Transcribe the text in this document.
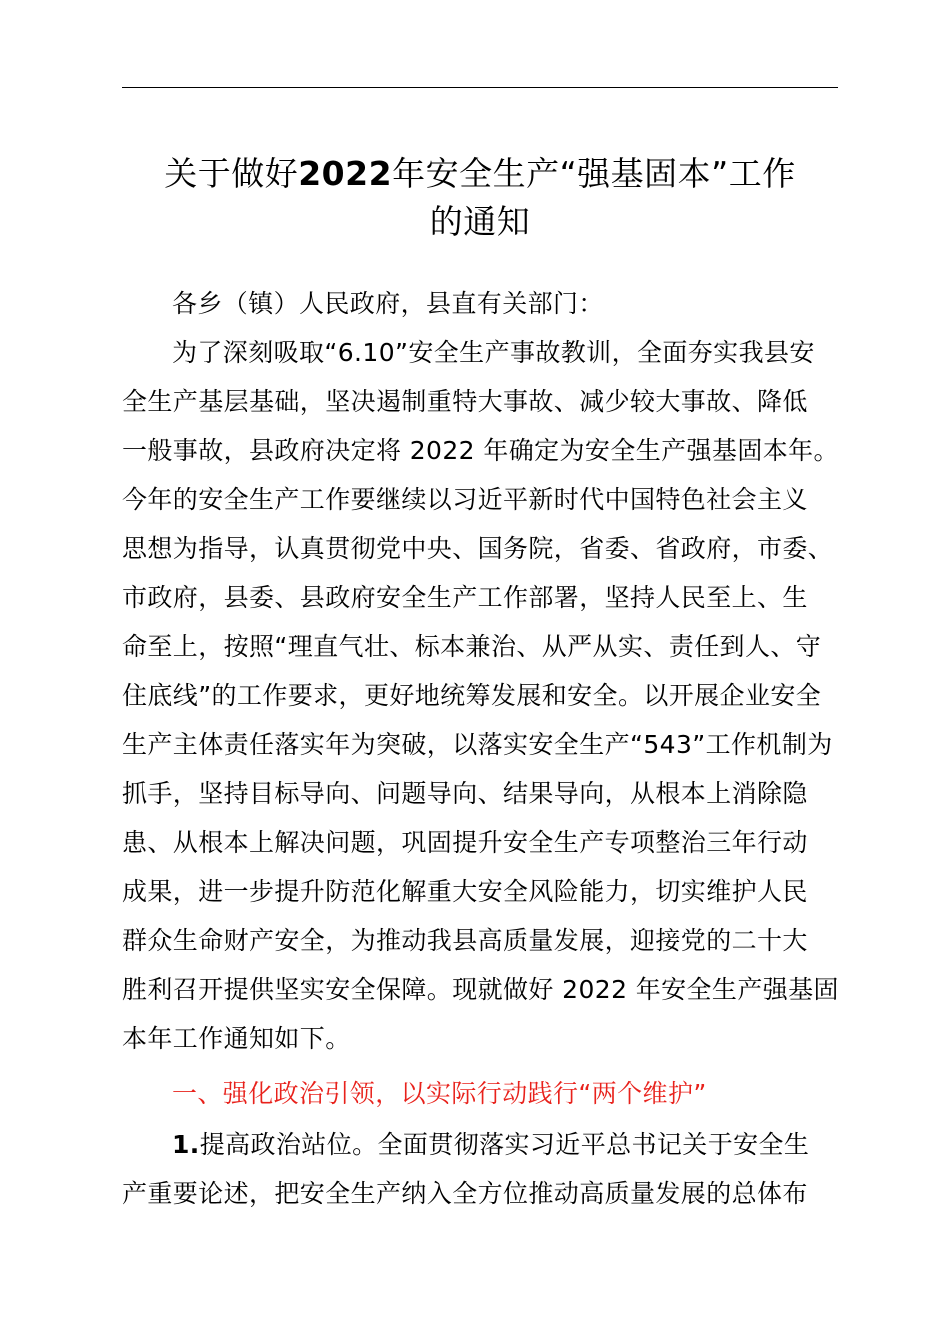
关于做好2022年安全生产“强基固本”工作
的通知
各乡（镇）人民政府，县直有关部门：
为了深刻吸取“6.10”安全生产事故教训，全面夯实我县安
全生产基层基础，坚决遏制重特大事故、减少较大事故、降低
一般事故，县政府决定将 2022 年确定为安全生产强基固本年。
今年的安全生产工作要继续以习近平新时代中国特色社会主义
思想为指导，认真贯彻党中央、国务院，省委、省政府，市委、
市政府，县委、县政府安全生产工作部署，坚持人民至上、生
命至上，按照“理直气壮、标本兼治、从严从实、责任到人、守
住底线”的工作要求，更好地统筹发展和安全。以开展企业安全
生产主体责任落实年为突破，以落实安全生产“543”工作机制为
抓手，坚持目标导向、问题导向、结果导向，从根本上消除隐
患、从根本上解决问题，巩固提升安全生产专项整治三年行动
成果，进一步提升防范化解重大安全风险能力，切实维护人民
群众生命财产安全，为推动我县高质量发展，迎接党的二十大
胜利召开提供坚实安全保障。现就做好 2022 年安全生产强基固
本年工作通知如下。
一、强化政治引领，以实际行动践行“两个维护”
1.提高政治站位。全面贯彻落实习近平总书记关于安全生
产重要论述，把安全生产纳入全方位推动高质量发展的总体布
